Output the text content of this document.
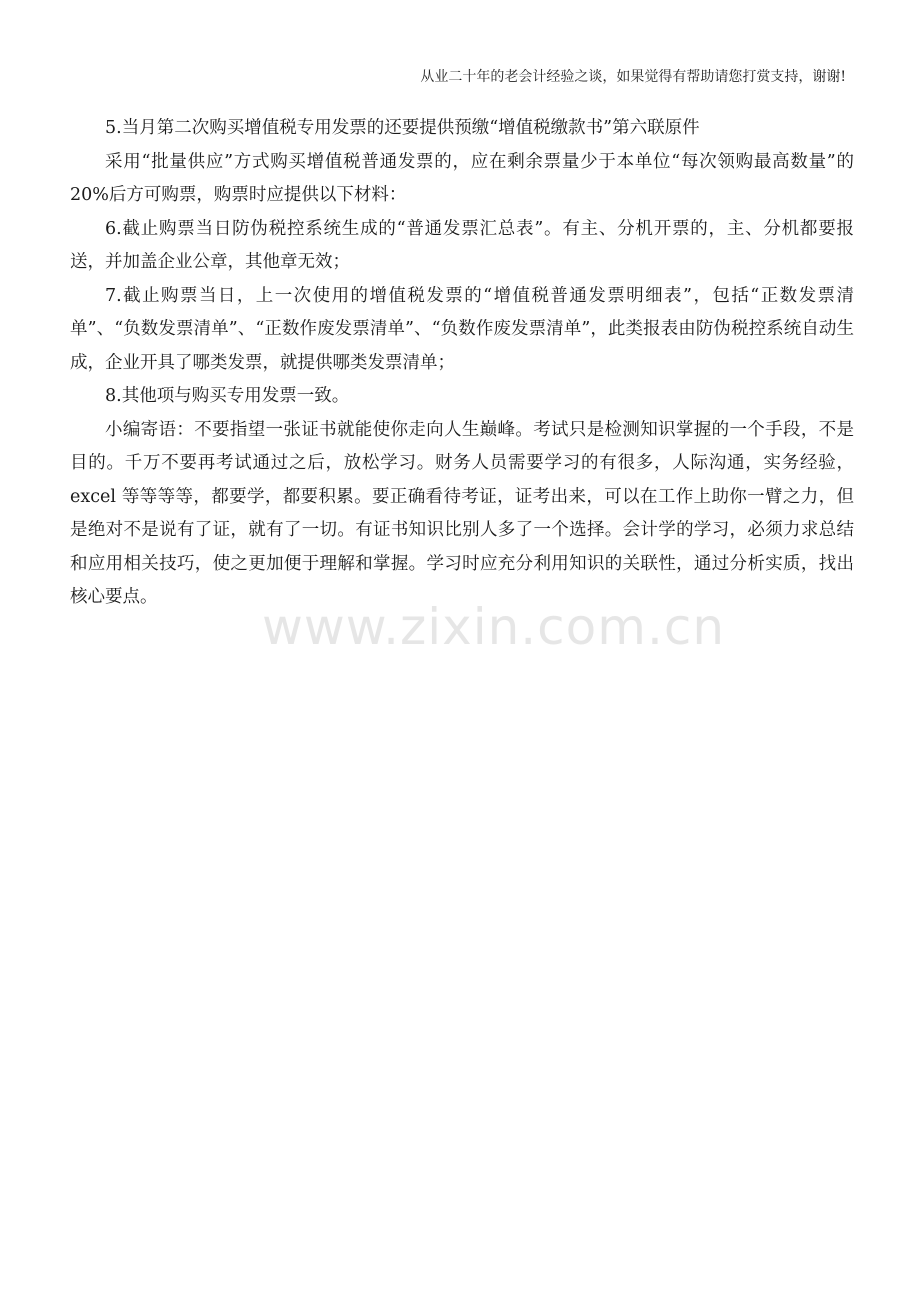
从业二十年的老会计经验之谈，如果觉得有帮助请您打赏支持，谢谢!

5.当月第二次购买增值税专用发票的还要提供预缴“增值税缴款书”第六联原件

采用“批量供应”方式购买增值税普通发票的，应在剩余票量少于本单位“每次领购最高数量”的 20%后方可购票，购票时应提供以下材料：

6.截止购票当日防伪税控系统生成的“普通发票汇总表”。有主、分机开票的，主、分机都要报送，并加盖企业公章，其他章无效；

7.截止购票当日，上一次使用的增值税发票的“增值税普通发票明细表”，包括“正数发票清单”、“负数发票清单”、“正数作废发票清单”、“负数作废发票清单”，此类报表由防伪税控系统自动生成，企业开具了哪类发票，就提供哪类发票清单；

8.其他项与购买专用发票一致。

小编寄语：不要指望一张证书就能使你走向人生巅峰。考试只是检测知识掌握的一个手段，不是目的。千万不要再考试通过之后，放松学习。财务人员需要学习的有很多，人际沟通，实务经验，excel 等等等等，都要学，都要积累。要正确看待考证，证考出来，可以在工作上助你一臂之力，但是绝对不是说有了证，就有了一切。有证书知识比别人多了一个选择。会计学的学习，必须力求总结和应用相关技巧，使之更加便于理解和掌握。学习时应充分利用知识的关联性，通过分析实质，找出核心要点。

www.zixin.com.cn
